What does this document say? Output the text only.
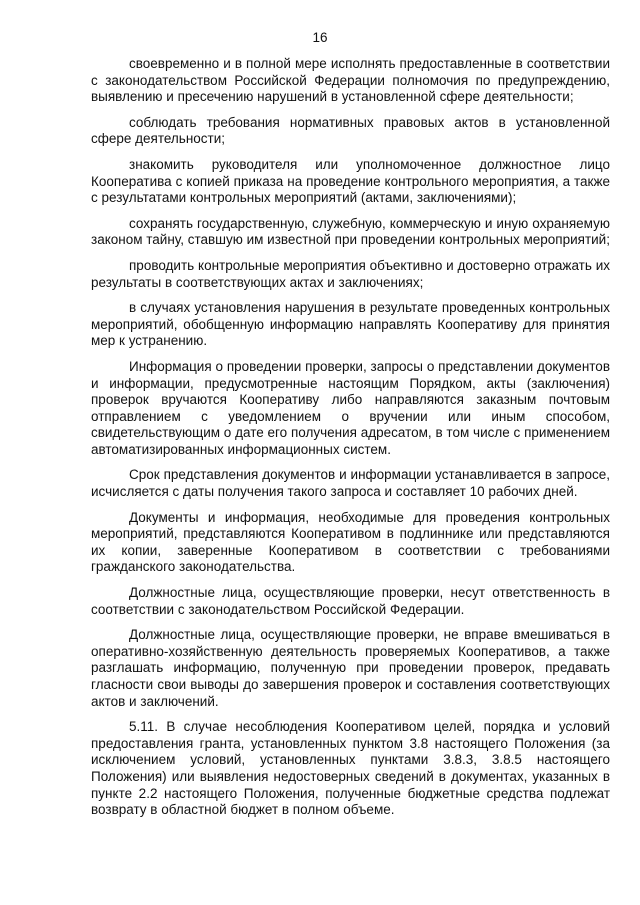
16

своевременно и в полной мере исполнять предоставленные в соответствии с законодательством Российской Федерации полномочия по предупреждению, выявлению и пресечению нарушений в установленной сфере деятельности;

соблюдать требования нормативных правовых актов в установленной сфере деятельности;

знакомить руководителя или уполномоченное должностное лицо Кооператива с копией приказа на проведение контрольного мероприятия, а также с результатами контрольных мероприятий (актами, заключениями);

сохранять государственную, служебную, коммерческую и иную охраняемую законом тайну, ставшую им известной при проведении контрольных мероприятий;

проводить контрольные мероприятия объективно и достоверно отражать их результаты в соответствующих актах и заключениях;

в случаях установления нарушения в результате проведенных контрольных мероприятий, обобщенную информацию направлять Кооперативу для принятия мер к устранению.

Информация о проведении проверки, запросы о представлении документов и информации, предусмотренные настоящим Порядком, акты (заключения) проверок вручаются Кооперативу либо направляются заказным почтовым отправлением с уведомлением о вручении или иным способом, свидетельствующим о дате его получения адресатом, в том числе с применением автоматизированных информационных систем.

Срок представления документов и информации устанавливается в запросе, исчисляется с даты получения такого запроса и составляет 10 рабочих дней.

Документы и информация, необходимые для проведения контрольных мероприятий, представляются Кооперативом в подлиннике или представляются их копии, заверенные Кооперативом в соответствии с требованиями гражданского законодательства.

Должностные лица, осуществляющие проверки, несут ответственность в соответствии с законодательством Российской Федерации.

Должностные лица, осуществляющие проверки, не вправе вмешиваться в оперативно-хозяйственную деятельность проверяемых Кооперативов, а также разглашать информацию, полученную при проведении проверок, предавать гласности свои выводы до завершения проверок и составления соответствующих актов и заключений.

5.11. В случае несоблюдения Кооперативом целей, порядка и условий предоставления гранта, установленных пунктом 3.8 настоящего Положения (за исключением условий, установленных пунктами 3.8.3, 3.8.5 настоящего Положения) или выявления недостоверных сведений в документах, указанных в пункте 2.2 настоящего Положения, полученные бюджетные средства подлежат возврату в областной бюджет в полном объеме.
